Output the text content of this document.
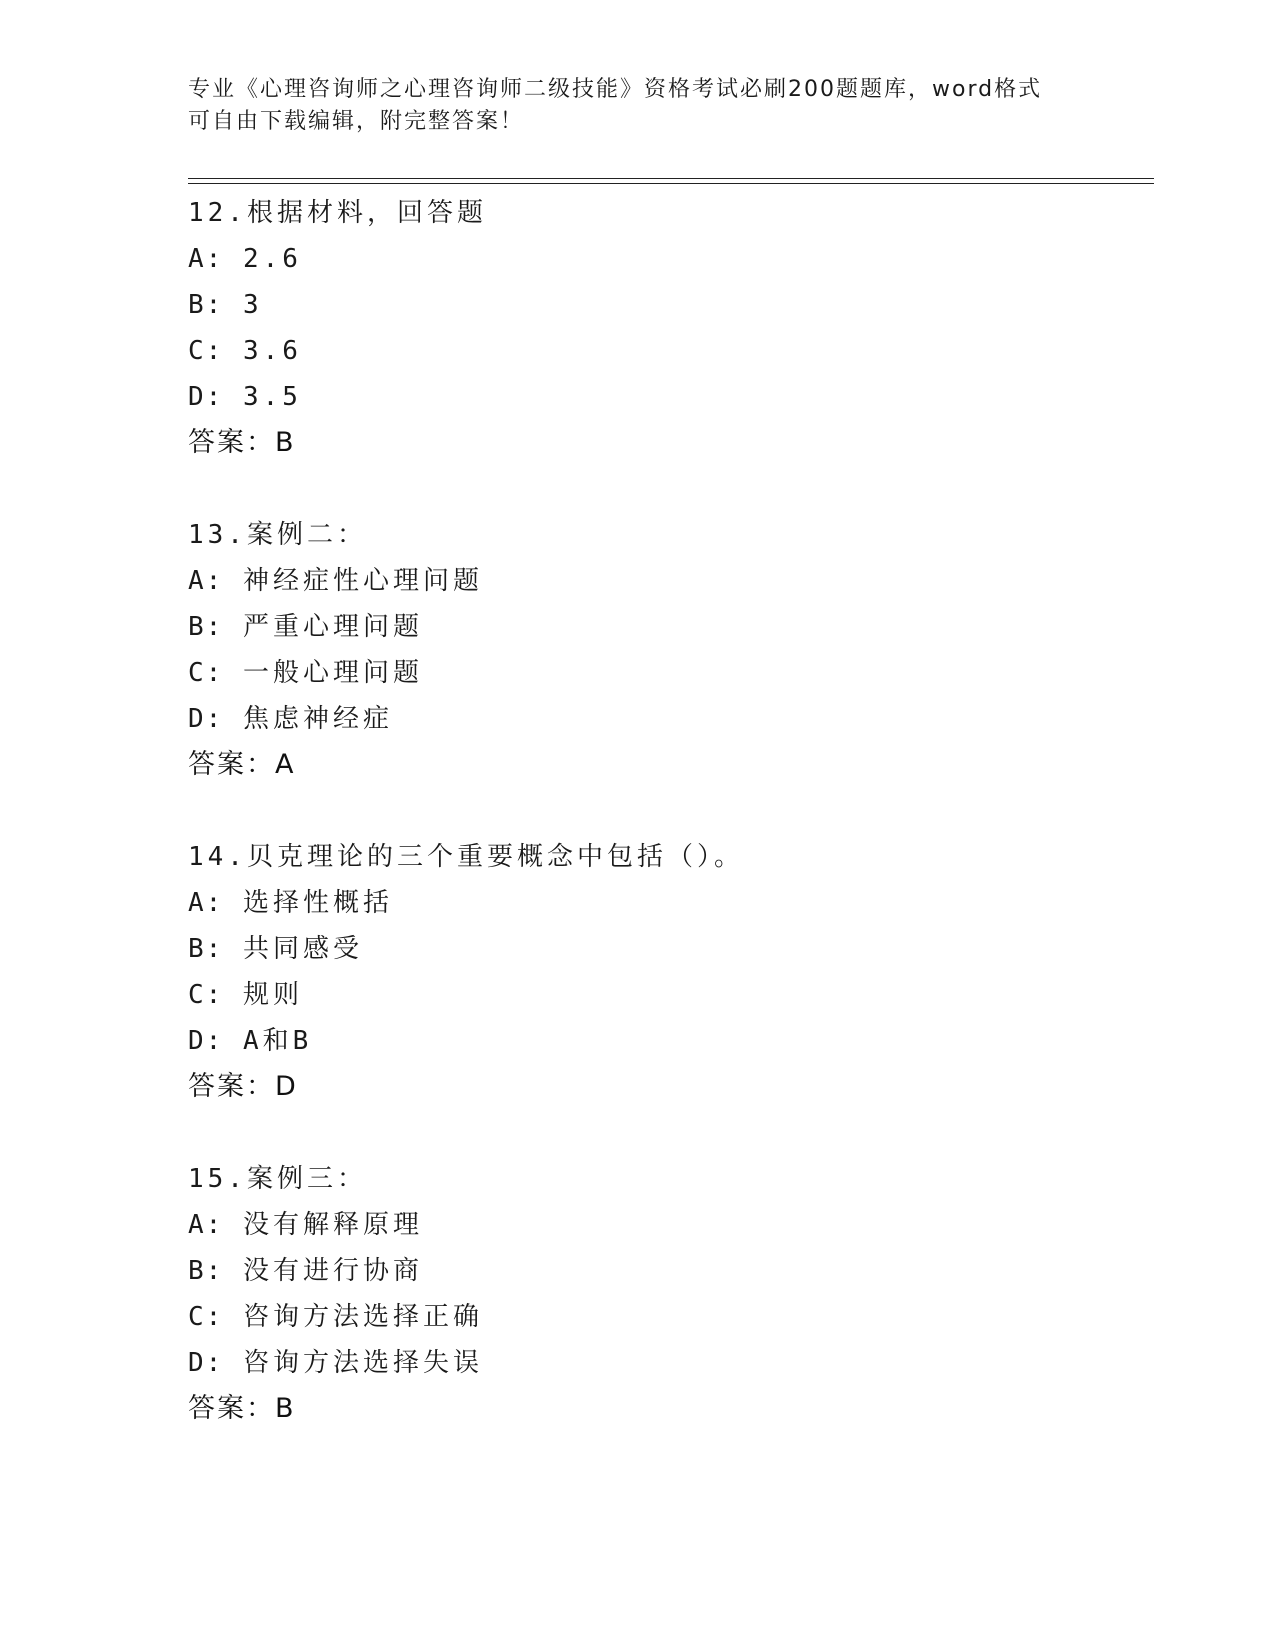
专业《心理咨询师之心理咨询师二级技能》资格考试必刷200题题库，word格式
可自由下载编辑，附完整答案！
12.根据材料，回答题
A: 2.6
B: 3
C: 3.6
D: 3.5
答案：B
13.案例二：
A: 神经症性心理问题
B: 严重心理问题
C: 一般心理问题
D: 焦虑神经症
答案：A
14.贝克理论的三个重要概念中包括（）。
A: 选择性概括
B: 共同感受
C: 规则
D: A和B
答案：D
15.案例三：
A: 没有解释原理
B: 没有进行协商
C: 咨询方法选择正确
D: 咨询方法选择失误
答案：B
